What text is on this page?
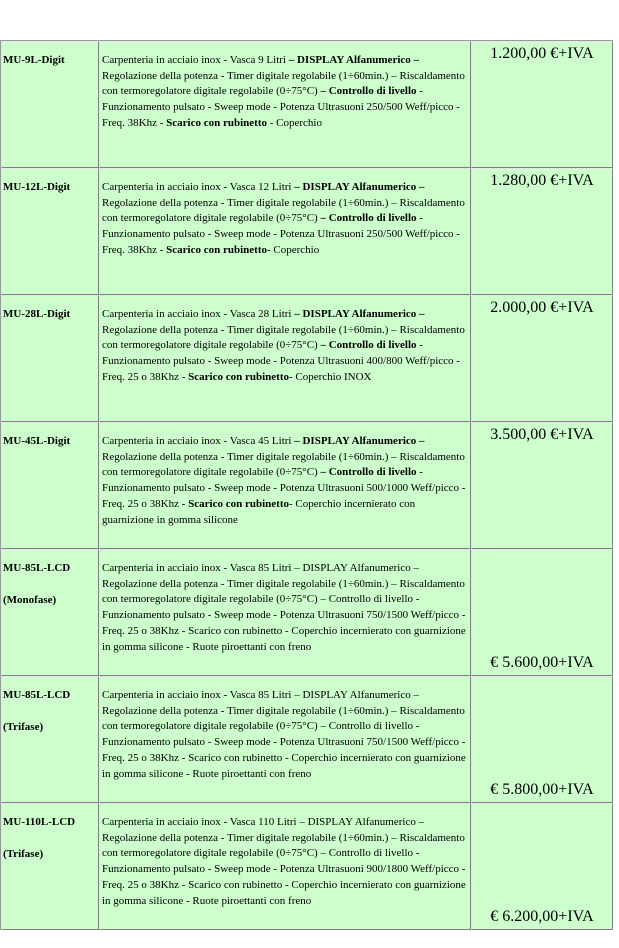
MU-9L-Digit	Carpenteria in acciaio inox - Vasca 9 Litri – DISPLAY Alfanumerico – Regolazione della potenza - Timer digitale regolabile (1÷60min.) – Riscaldamento con termoregolatore digitale regolabile (0÷75°C) – Controllo di livello - Funzionamento pulsato - Sweep mode - Potenza Ultrasuoni 250/500 Weff/picco - Freq. 38Khz - Scarico con rubinetto - Coperchio	1.200,00 €+IVA

MU-12L-Digit	Carpenteria in acciaio inox - Vasca 12 Litri – DISPLAY Alfanumerico – Regolazione della potenza - Timer digitale regolabile (1÷60min.) – Riscaldamento con termoregolatore digitale regolabile (0÷75°C) – Controllo di livello - Funzionamento pulsato - Sweep mode - Potenza Ultrasuoni 250/500 Weff/picco - Freq. 38Khz - Scarico con rubinetto- Coperchio	1.280,00 €+IVA

MU-28L-Digit	Carpenteria in acciaio inox - Vasca 28 Litri – DISPLAY Alfanumerico – Regolazione della potenza - Timer digitale regolabile (1÷60min.) – Riscaldamento con termoregolatore digitale regolabile (0÷75°C) – Controllo di livello - Funzionamento pulsato - Sweep mode - Potenza Ultrasuoni 400/800 Weff/picco - Freq. 25 o 38Khz - Scarico con rubinetto- Coperchio INOX	2.000,00 €+IVA

MU-45L-Digit	Carpenteria in acciaio inox - Vasca 45 Litri – DISPLAY Alfanumerico – Regolazione della potenza - Timer digitale regolabile (1÷60min.) – Riscaldamento con termoregolatore digitale regolabile (0÷75°C) – Controllo di livello - Funzionamento pulsato - Sweep mode - Potenza Ultrasuoni 500/1000 Weff/picco - Freq. 25 o 38Khz - Scarico con rubinetto- Coperchio incernierato con guarnizione in gomma silicone	3.500,00 €+IVA

MU-85L-LCD
(Monofase)	Carpenteria in acciaio inox - Vasca 85 Litri – DISPLAY Alfanumerico – Regolazione della potenza - Timer digitale regolabile (1÷60min.) – Riscaldamento con termoregolatore digitale regolabile (0÷75°C) – Controllo di livello - Funzionamento pulsato - Sweep mode - Potenza Ultrasuoni 750/1500 Weff/picco - Freq. 25 o 38Khz - Scarico con rubinetto - Coperchio incernierato con guarnizione in gomma silicone - Ruote piroettanti con freno	€ 5.600,00+IVA

MU-85L-LCD
(Trifase)	Carpenteria in acciaio inox - Vasca 85 Litri – DISPLAY Alfanumerico – Regolazione della potenza - Timer digitale regolabile (1÷60min.) – Riscaldamento con termoregolatore digitale regolabile (0÷75°C) – Controllo di livello - Funzionamento pulsato - Sweep mode - Potenza Ultrasuoni 750/1500 Weff/picco - Freq. 25 o 38Khz - Scarico con rubinetto - Coperchio incernierato con guarnizione in gomma silicone - Ruote piroettanti con freno	€ 5.800,00+IVA

MU-110L-LCD
(Trifase)	Carpenteria in acciaio inox - Vasca 110 Litri – DISPLAY Alfanumerico – Regolazione della potenza - Timer digitale regolabile (1÷60min.) – Riscaldamento con termoregolatore digitale regolabile (0÷75°C) – Controllo di livello - Funzionamento pulsato - Sweep mode - Potenza Ultrasuoni 900/1800 Weff/picco - Freq. 25 o 38Khz - Scarico con rubinetto - Coperchio incernierato con guarnizione in gomma silicone - Ruote piroettanti con freno	€ 6.200,00+IVA
